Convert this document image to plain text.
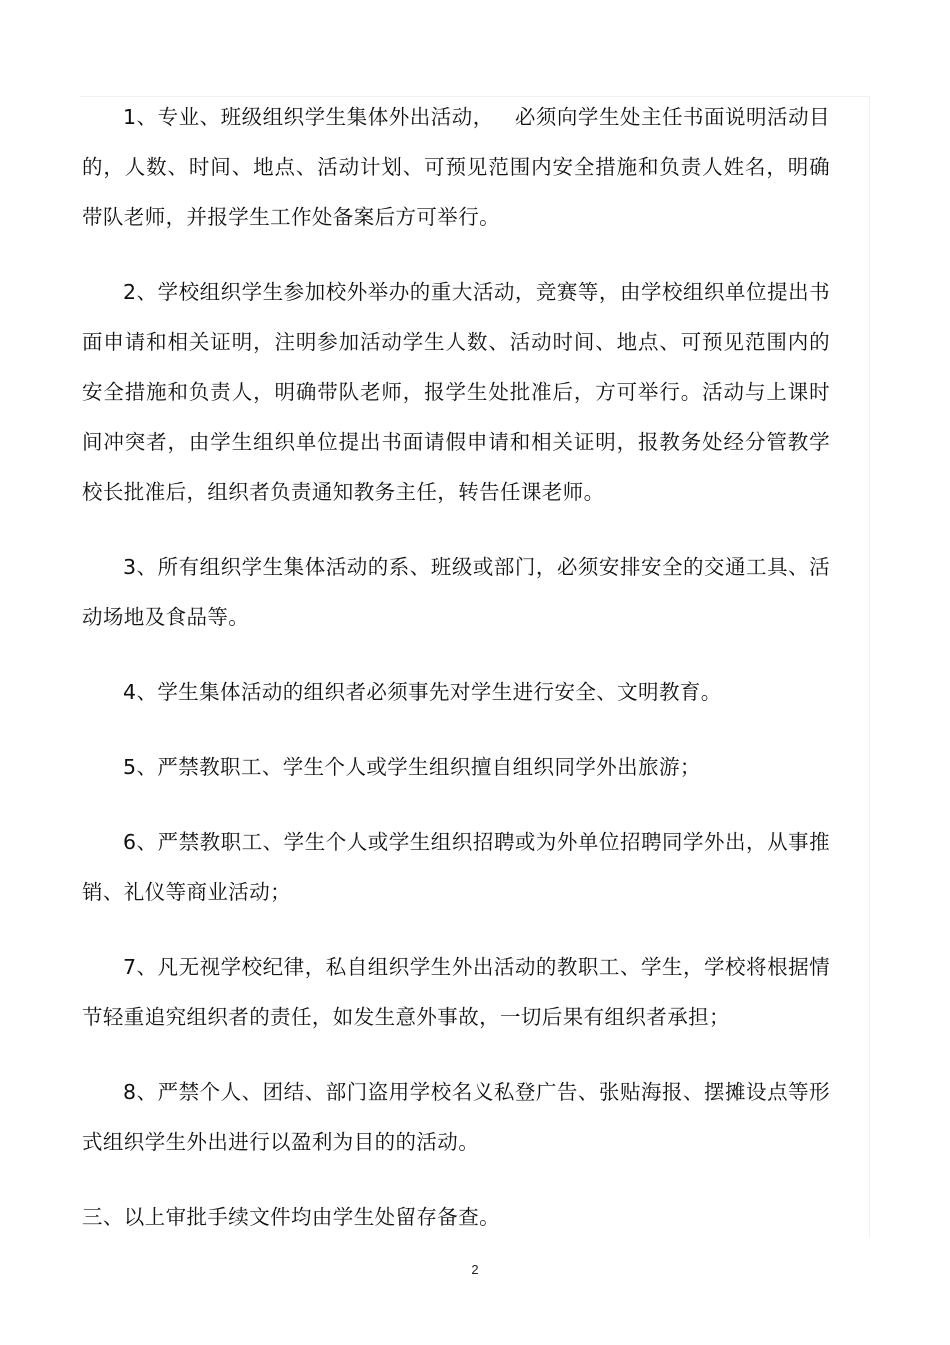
1、专业、班级组织学生集体外出活动，   必须向学生处主任书面说明活动目的，人数、时间、地点、活动计划、可预见范围内安全措施和负责人姓名，明确带队老师，并报学生工作处备案后方可举行。

2、学校组织学生参加校外举办的重大活动，竞赛等，由学校组织单位提出书面申请和相关证明，注明参加活动学生人数、活动时间、地点、可预见范围内的安全措施和负责人，明确带队老师，报学生处批准后，方可举行。活动与上课时间冲突者，由学生组织单位提出书面请假申请和相关证明，报教务处经分管教学校长批准后，组织者负责通知教务主任，转告任课老师。

3、所有组织学生集体活动的系、班级或部门，必须安排安全的交通工具、活动场地及食品等。

4、学生集体活动的组织者必须事先对学生进行安全、文明教育。

5、严禁教职工、学生个人或学生组织擅自组织同学外出旅游；

6、严禁教职工、学生个人或学生组织招聘或为外单位招聘同学外出，从事推销、礼仪等商业活动；

7、凡无视学校纪律，私自组织学生外出活动的教职工、学生，学校将根据情节轻重追究组织者的责任，如发生意外事故，一切后果有组织者承担；

8、严禁个人、团结、部门盗用学校名义私登广告、张贴海报、摆摊设点等形式组织学生外出进行以盈利为目的的活动。

三、以上审批手续文件均由学生处留存备查。

2
